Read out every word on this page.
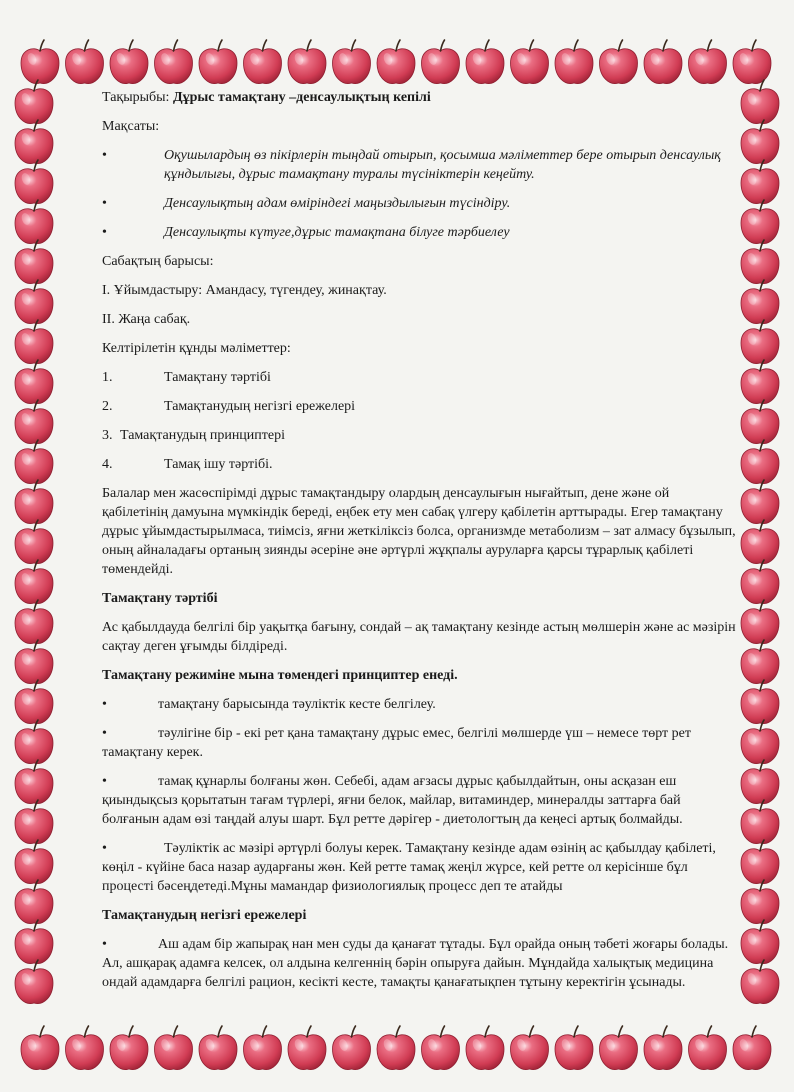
Тақырыбы: Дұрыс тамақтану –денсаулықтың кепілі
Мақсаты:
•	Оқушылардың өз пікірлерін тыңдай отырып, қосымша мәліметтер бере отырып денсаулық құндылығы, дұрыс тамақтану туралы түсініктерін кеңейту.
•	Денсаулықтың адам өміріндегі маңыздылығын түсіндіру.
•	Денсаулықты күтуге,дұрыс тамақтана білуге тәрбиелеу
Сабақтың барысы:
I. Ұйымдастыру: Амандасу, түгендеу, жинақтау.
II. Жаңа сабақ.
Келтірілетін құнды мәліметтер:
1.	Тамақтану тәртібі
2.	Тамақтанудың негізгі ережелері
3. Тамақтанудың принциптері
4.	Тамақ ішу тәртібі.
Балалар мен жасөспірімді дұрыс тамақтандыру олардың денсаулығын нығайтып, дене және ой қабілетінің дамуына мүмкіндік береді, еңбек ету мен сабақ үлгеру қабілетін арттырады. Егер тамақтану дұрыс ұйымдастырылмаса, тиімсіз, яғни жеткіліксіз болса, организмде метаболизм – зат алмасу бұзылып, оның айналадағы ортаның зиянды әсеріне әне әртүрлі жұқпалы ауруларға қарсы тұрарлық қабілеті төмендейді.
Тамақтану тәртібі
Ас қабылдауда белгілі бір уақытқа бағыну, сондай – ақ тамақтану кезінде астың мөлшерін және ас мәзірін сақтау деген ұғымды білдіреді.
Тамақтану режиміне мына төмендегі принциптер енеді.
•	тамақтану барысында тәуліктік кесте белгілеу.
•	тәулігіне бір - екі рет қана тамақтану дұрыс емес, белгілі мөлшерде үш – немесе төрт рет тамақтану керек.
•	тамақ құнарлы болғаны жөн. Себебі, адам ағзасы дұрыс қабылдайтын, оны асқазан еш қиындықсыз қорытатын тағам түрлері, яғни белок, майлар, витаминдер, минералды заттарға бай болғанын адам өзі таңдай алуы шарт. Бұл ретте дәрігер - диетологтың да кеңесі артық болмайды.
•	Тәуліктік ас мәзірі әртүрлі болуы керек. Тамақтану кезінде адам өзінің ас қабылдау қабілеті, көңіл - күйіне баса назар аударғаны жөн. Кей ретте тамақ жеңіл жүрсе, кей ретте ол керісінше бұл процесті бәсеңдетеді.Мұны мамандар физиологиялық процесс деп те атайды
Тамақтанудың негізгі ережелері
•	Аш адам бір жапырақ нан мен суды да қанағат тұтады. Бұл орайда оның тәбеті жоғары болады. Ал, ашқарақ адамға келсек, ол алдына келгеннің бәрін опыруға дайын. Мұндайда халықтық медицина ондай адамдарға белгілі рацион, кесікті кесте, тамақты қанағатықпен тұтыну керектігін ұсынады.
